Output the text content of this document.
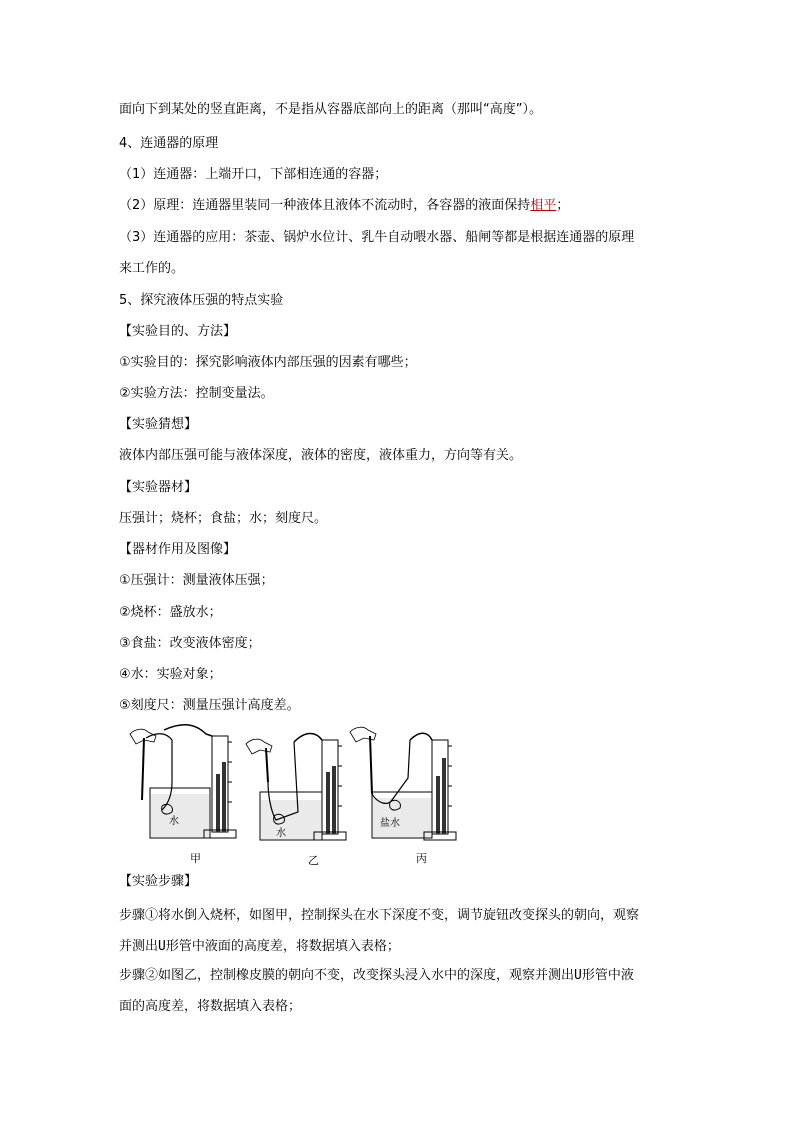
面向下到某处的竖直距离，不是指从容器底部向上的距离（那叫“高度”）。
4、连通器的原理
（1）连通器：上端开口，下部相连通的容器；
（2）原理：连通器里装同一种液体且液体不流动时，各容器的液面保持相平；
（3）连通器的应用：茶壶、锅炉水位计、乳牛自动喂水器、船闸等都是根据连通器的原理
来工作的。
5、探究液体压强的特点实验
【实验目的、方法】
①实验目的：探究影响液体内部压强的因素有哪些；
②实验方法：控制变量法。
【实验猜想】
液体内部压强可能与液体深度，液体的密度，液体重力，方向等有关。
【实验器材】
压强计；烧杯；食盐；水；刻度尺。
【器材作用及图像】
①压强计：测量液体压强；
②烧杯：盛放水；
③食盐：改变液体密度；
④水：实验对象；
⑤刻度尺：测量压强计高度差。
水
水
盐水
甲	乙	丙
【实验步骤】
步骤①将水倒入烧杯，如图甲，控制探头在水下深度不变，调节旋钮改变探头的朝向，观察
并测出U形管中液面的高度差，将数据填入表格；
步骤②如图乙，控制橡皮膜的朝向不变，改变探头浸入水中的深度，观察并测出U形管中液
面的高度差，将数据填入表格；
